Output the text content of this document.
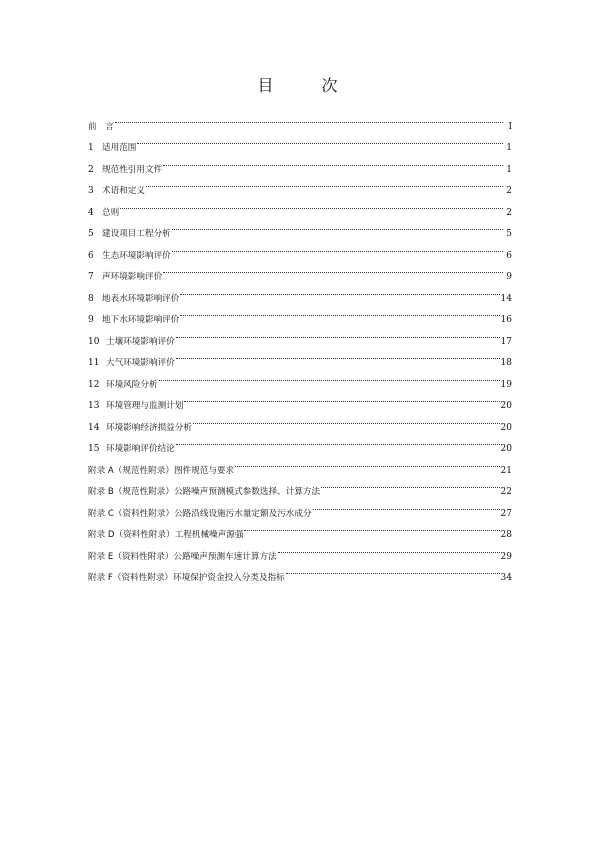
目　次
前　言	I
1 适用范围	1
2 规范性引用文件	1
3 术语和定义	2
4 总则	2
5 建设项目工程分析	5
6 生态环境影响评价	6
7 声环境影响评价	9
8 地表水环境影响评价	14
9 地下水环境影响评价	16
10 土壤环境影响评价	17
11 大气环境影响评价	18
12 环境风险分析	19
13 环境管理与监测计划	20
14 环境影响经济损益分析	20
15 环境影响评价结论	20
附录 A（规范性附录）图件规范与要求	21
附录 B（规范性附录）公路噪声预测模式参数选择、计算方法	22
附录 C（资料性附录）公路沿线设施污水量定额及污水成分	27
附录 D（资料性附录）工程机械噪声源强	28
附录 E（资料性附录）公路噪声预测车速计算方法	29
附录 F（资料性附录）环境保护资金投入分类及指标	34
